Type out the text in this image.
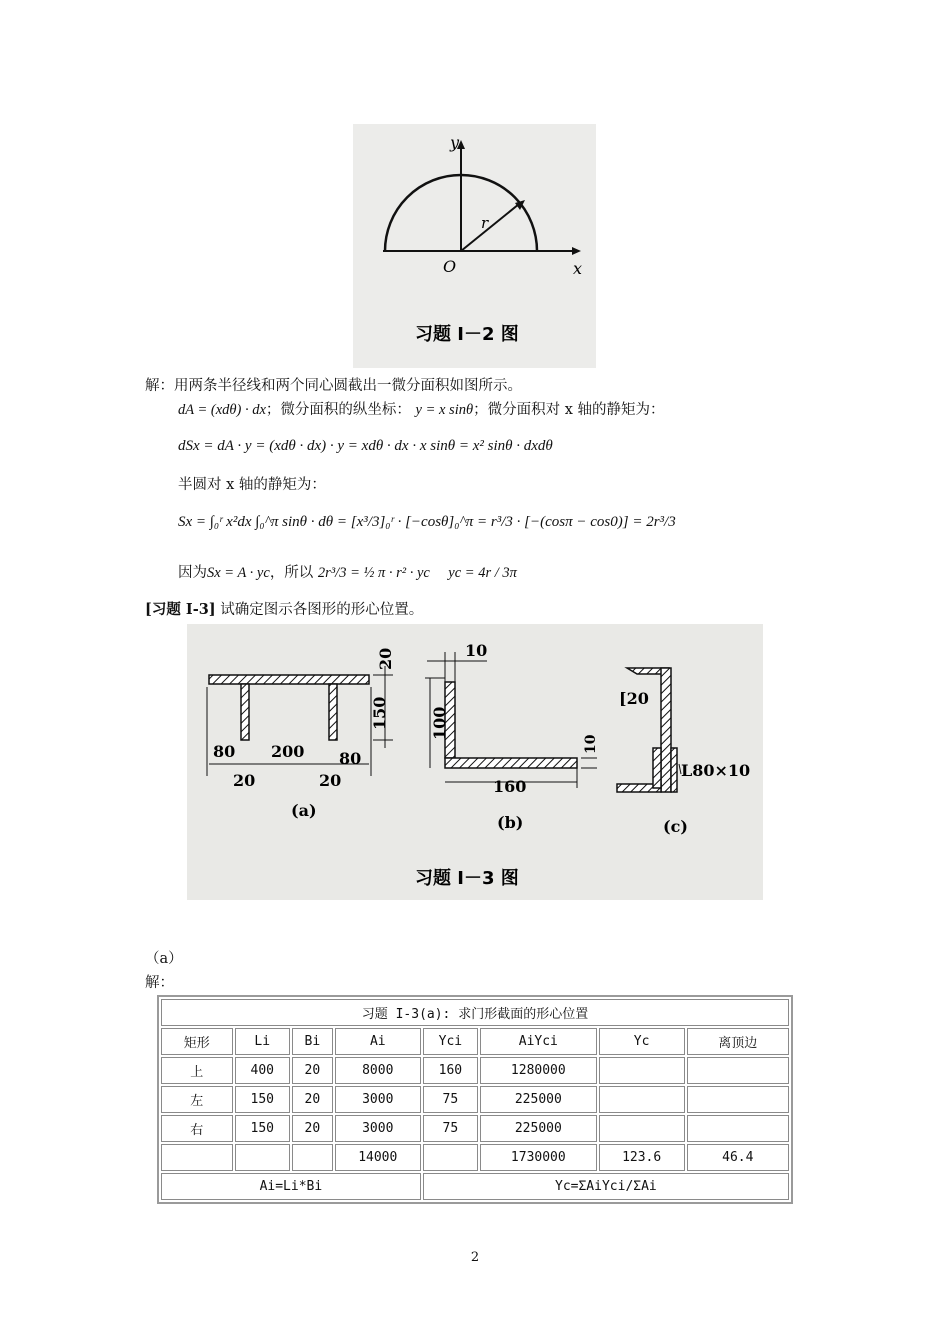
y
x
O
r
习题 I－2 图
解：用两条半径线和两个同心圆截出一微分面积如图所示。
dA = (xdθ) · dx；微分面积的纵坐标： y = x sinθ；微分面积对 x 轴的静矩为：
dSx = dA · y = (xdθ · dx) · y = xdθ · dx · x sinθ = x² sinθ · dxdθ
半圆对 x 轴的静矩为：
Sx = ∫₀ʳ x²dx ∫₀^π sinθ · dθ = [x³/3]₀ʳ · [−cosθ]₀^π = r³/3 · [−(cosπ − cos0)] = 2r³/3
因为Sx = A · yc，所以 2r³/3 = ½ π · r² · yc yc = 4r / 3π
[习题 I-3] 试确定图示各图形的形心位置。
20
150
80 200 80
20	20
(a)
10
100
10
160
(b)
[20
L80×10
(c)
习题 I－3 图
（a）
解：
习题 I-3(a): 求门形截面的形心位置							
矩形	Li	Bi	Ai	Yci	AiYci	Yc	离顶边
上	400	20	8000	160	1280000		
左	150	20	3000	75	225000		
右	150	20	3000	75	225000		
			14000		1730000	123.6	46.4
Ai=Li*Bi				Yc=ΣAiYci/ΣAi			
2
